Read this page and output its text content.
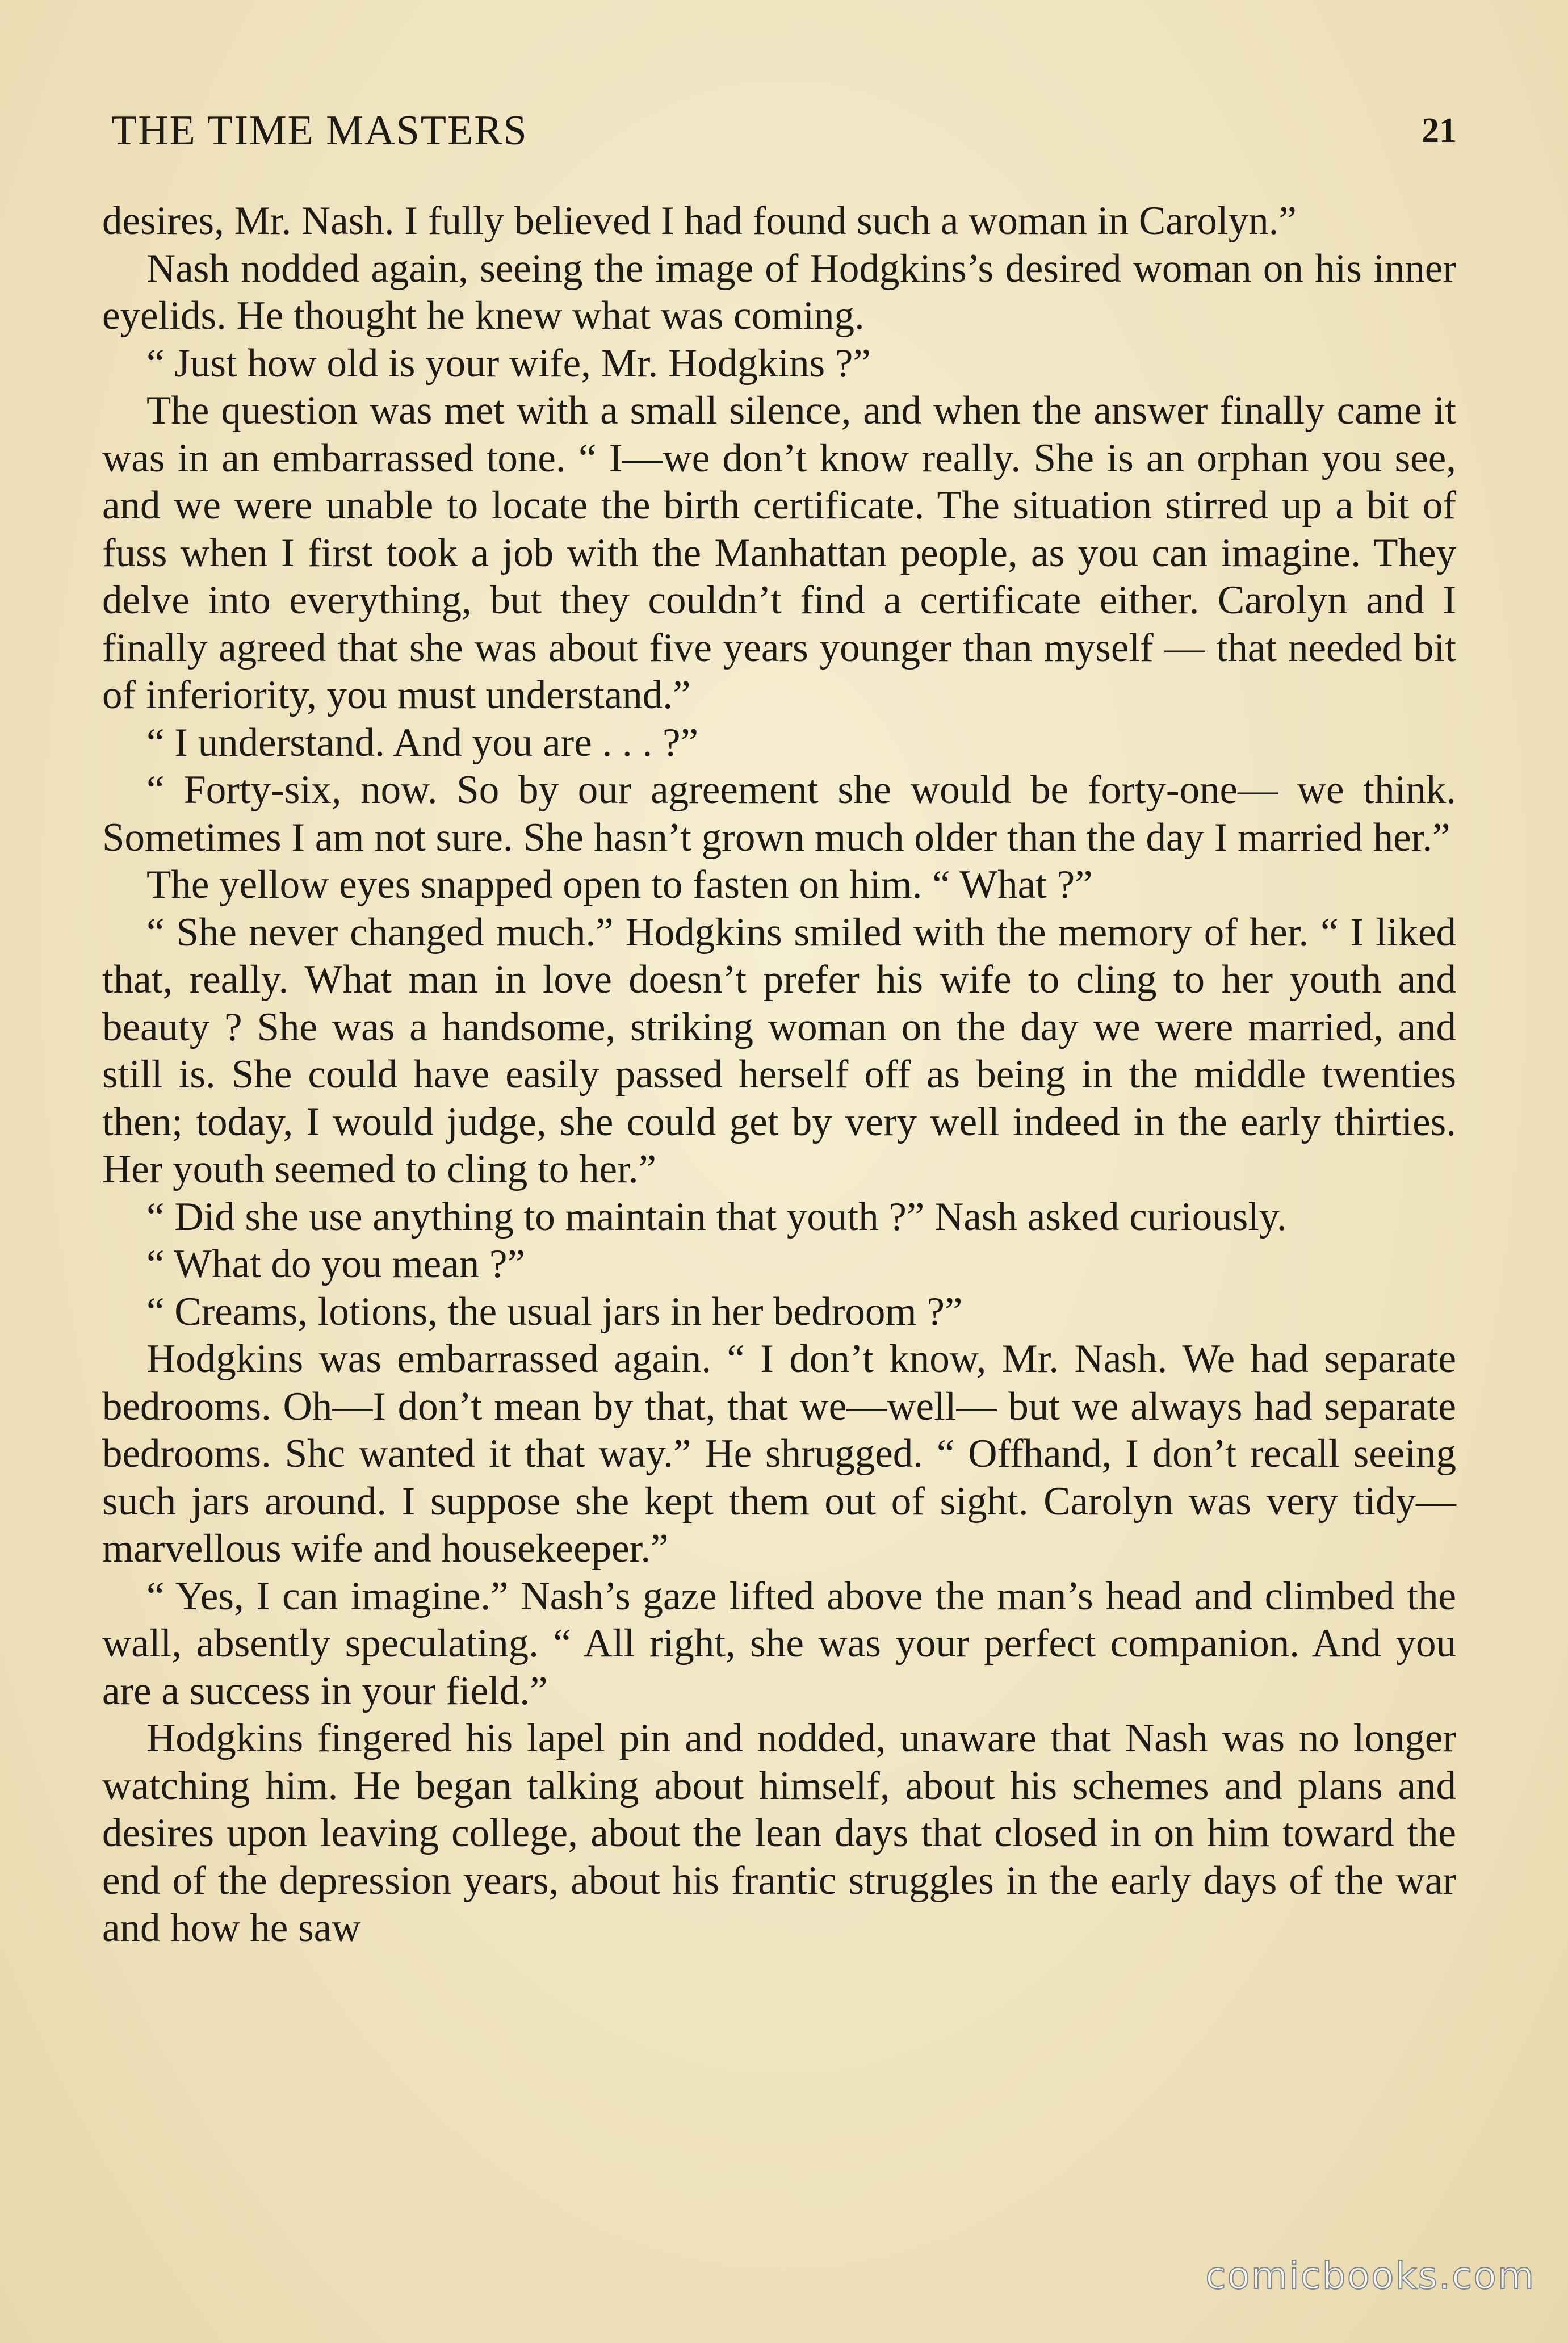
THE TIME MASTERS	21

desires, Mr. Nash. I fully believed I had found such a woman in Carolyn.”

Nash nodded again, seeing the image of Hodgkins’s desired woman on his inner eyelids. He thought he knew what was coming.

“ Just how old is your wife, Mr. Hodgkins ?”

The question was met with a small silence, and when the answer finally came it was in an embarrassed tone. “ I—we don’t know really. She is an orphan you see, and we were unable to locate the birth certificate. The situation stirred up a bit of fuss when I first took a job with the Manhattan people, as you can imagine. They delve into everything, but they couldn’t find a certificate either. Carolyn and I finally agreed that she was about five years younger than myself — that needed bit of inferiority, you must understand.”

“ I understand. And you are . . . ?”

“ Forty-six, now. So by our agreement she would be forty-one— we think. Sometimes I am not sure. She hasn’t grown much older than the day I married her.”

The yellow eyes snapped open to fasten on him. “ What ?”

“ She never changed much.” Hodgkins smiled with the memory of her. “ I liked that, really. What man in love doesn’t prefer his wife to cling to her youth and beauty ? She was a handsome, striking woman on the day we were married, and still is. She could have easily passed herself off as being in the middle twenties then; today, I would judge, she could get by very well indeed in the early thirties. Her youth seemed to cling to her.”

“ Did she use anything to maintain that youth ?” Nash asked curiously.

“ What do you mean ?”

“ Creams, lotions, the usual jars in her bedroom ?”

Hodgkins was embarrassed again. “ I don’t know, Mr. Nash. We had separate bedrooms. Oh—I don’t mean by that, that we—well— but we always had separate bedrooms. Shc wanted it that way.” He shrugged. “ Offhand, I don’t recall seeing such jars around. I suppose she kept them out of sight. Carolyn was very tidy—marvellous wife and housekeeper.”

“ Yes, I can imagine.” Nash’s gaze lifted above the man’s head and climbed the wall, absently speculating. “ All right, she was your perfect companion. And you are a success in your field.”

Hodgkins fingered his lapel pin and nodded, unaware that Nash was no longer watching him. He began talking about himself, about his schemes and plans and desires upon leaving college, about the lean days that closed in on him toward the end of the depression years, about his frantic struggles in the early days of the war and how he saw

comicbooks.com
